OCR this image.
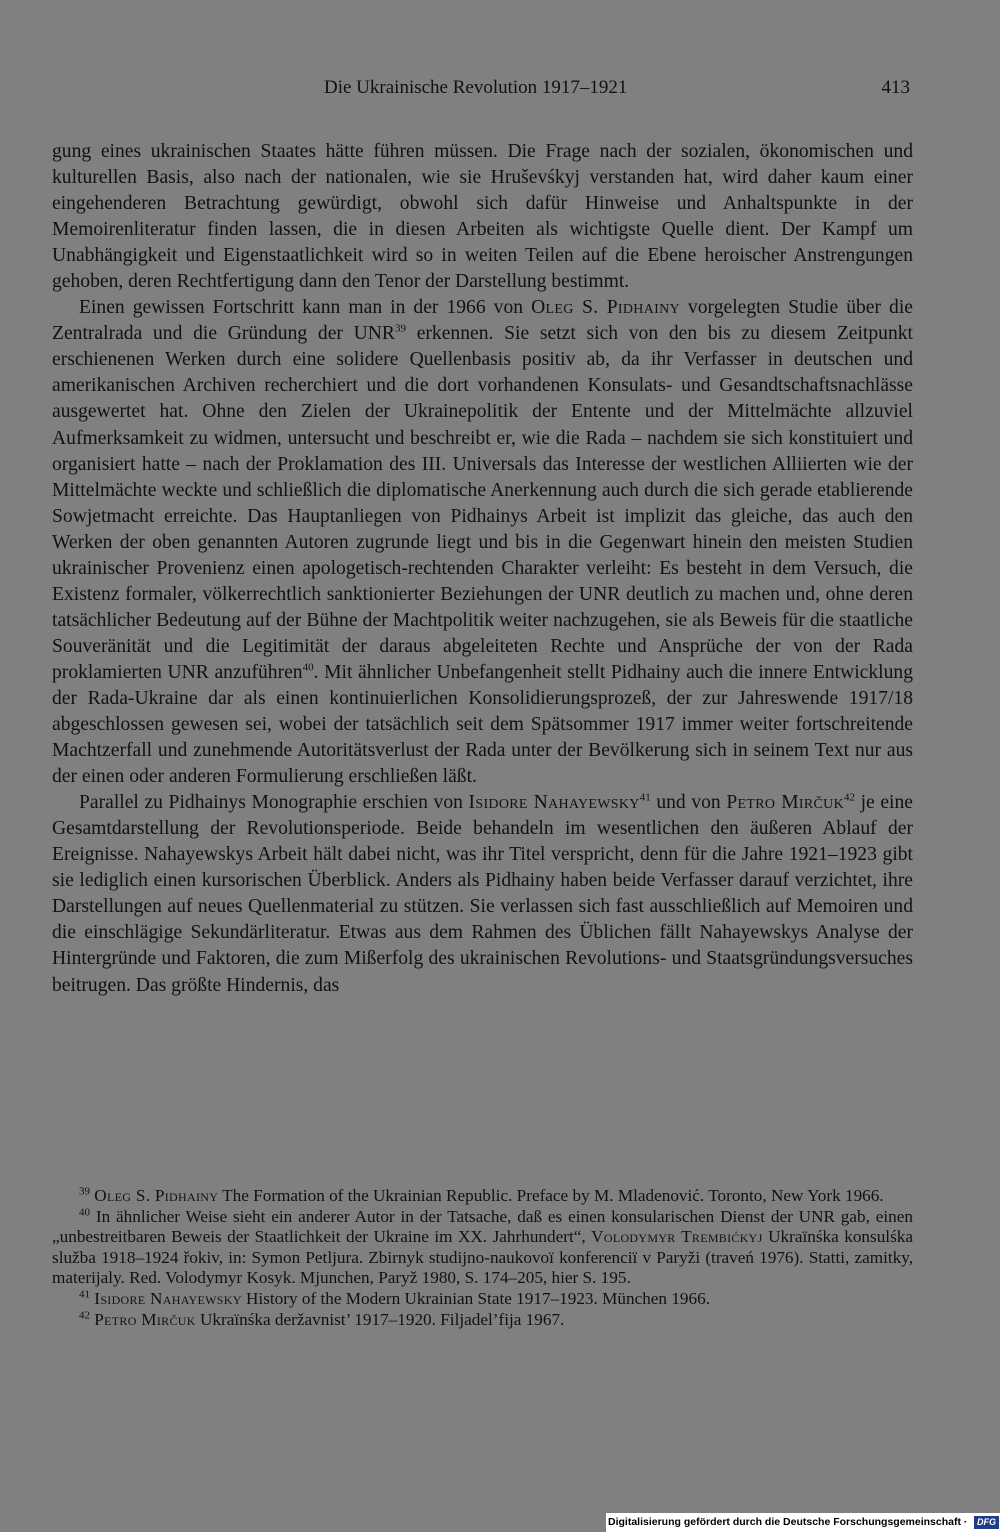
Die Ukrainische Revolution 1917–1921	413

gung eines ukrainischen Staates hätte führen müssen. Die Frage nach der sozialen, ökonomischen und kulturellen Basis, also nach der nationalen, wie sie Hruševśkyj verstanden hat, wird daher kaum einer eingehenderen Betrachtung gewürdigt, obwohl sich dafür Hinweise und Anhaltspunkte in der Memoirenliteratur finden lassen, die in diesen Arbeiten als wichtigste Quelle dient. Der Kampf um Unabhängigkeit und Eigenstaatlichkeit wird so in weiten Teilen auf die Ebene heroischer Anstrengungen gehoben, deren Rechtfertigung dann den Tenor der Darstellung bestimmt.

Einen gewissen Fortschritt kann man in der 1966 von Oleg S. Pidhainy vorgelegten Studie über die Zentralrada und die Gründung der UNR$^{39}$ erkennen. Sie setzt sich von den bis zu diesem Zeitpunkt erschienenen Werken durch eine solidere Quellenbasis positiv ab, da ihr Verfasser in deutschen und amerikanischen Archiven recherchiert und die dort vorhandenen Konsulats- und Gesandtschaftsnachlässe ausgewertet hat. Ohne den Zielen der Ukrainepolitik der Entente und der Mittelmächte allzuviel Aufmerksamkeit zu widmen, untersucht und beschreibt er, wie die Rada – nachdem sie sich konstituiert und organisiert hatte – nach der Proklamation des III. Universals das Interesse der westlichen Alliierten wie der Mittelmächte weckte und schließlich die diplomatische Anerkennung auch durch die sich gerade etablierende Sowjetmacht erreichte. Das Hauptanliegen von Pidhainys Arbeit ist implizit das gleiche, das auch den Werken der oben genannten Autoren zugrunde liegt und bis in die Gegenwart hinein den meisten Studien ukrainischer Provenienz einen apologetisch-rechtenden Charakter verleiht: Es besteht in dem Versuch, die Existenz formaler, völkerrechtlich sanktionierter Beziehungen der UNR deutlich zu machen und, ohne deren tatsächlicher Bedeutung auf der Bühne der Machtpolitik weiter nachzugehen, sie als Beweis für die staatliche Souveränität und die Legitimität der daraus abgeleiteten Rechte und Ansprüche der von der Rada proklamierten UNR anzuführen$^{40}$. Mit ähnlicher Unbefangenheit stellt Pidhainy auch die innere Entwicklung der Rada-Ukraine dar als einen kontinuierlichen Konsolidierungsprozeß, der zur Jahreswende 1917/18 abgeschlossen gewesen sei, wobei der tatsächlich seit dem Spätsommer 1917 immer weiter fortschreitende Machtzerfall und zunehmende Autoritätsverlust der Rada unter der Bevölkerung sich in seinem Text nur aus der einen oder anderen Formulierung erschließen läßt.

Parallel zu Pidhainys Monographie erschien von Isidore Nahayewsky$^{41}$ und von Petro Mirčuk$^{42}$ je eine Gesamtdarstellung der Revolutionsperiode. Beide behandeln im wesentlichen den äußeren Ablauf der Ereignisse. Nahayewskys Arbeit hält dabei nicht, was ihr Titel verspricht, denn für die Jahre 1921–1923 gibt sie lediglich einen kursorischen Überblick. Anders als Pidhainy haben beide Verfasser darauf verzichtet, ihre Darstellungen auf neues Quellenmaterial zu stützen. Sie verlassen sich fast ausschließlich auf Memoiren und die einschlägige Sekundärliteratur. Etwas aus dem Rahmen des Üblichen fällt Nahayewskys Analyse der Hintergründe und Faktoren, die zum Mißerfolg des ukrainischen Revolutions- und Staatsgründungsversuches beitrugen. Das größte Hindernis, das

$^{39}$ Oleg S. Pidhainy The Formation of the Ukrainian Republic. Preface by M. Mladenović. Toronto, New York 1966.

$^{40}$ In ähnlicher Weise sieht ein anderer Autor in der Tatsache, daß es einen konsularischen Dienst der UNR gab, einen „unbestreitbaren Beweis der Staatlichkeit der Ukraine im XX. Jahrhundert“, Volodymyr Trembićkyj Ukraïnśka konsulśka služba 1918–1924 řokiv, in: Symon Petljura. Zbirnyk studijno-naukovoï konferenciï v Paryži (traveń 1976). Statti, zamitky, materijaly. Red. Volodymyr Kosyk. Mjunchen, Paryž 1980, S. 174–205, hier S. 195.

$^{41}$ Isidore Nahayewsky History of the Modern Ukrainian State 1917–1923. München 1966.

$^{42}$ Petro Mirčuk Ukraïnśka deržavnist’ 1917–1920. Filjadel’fija 1967.

Digitalisierung gefördert durch die Deutsche Forschungsgemeinschaft ·	DFG
